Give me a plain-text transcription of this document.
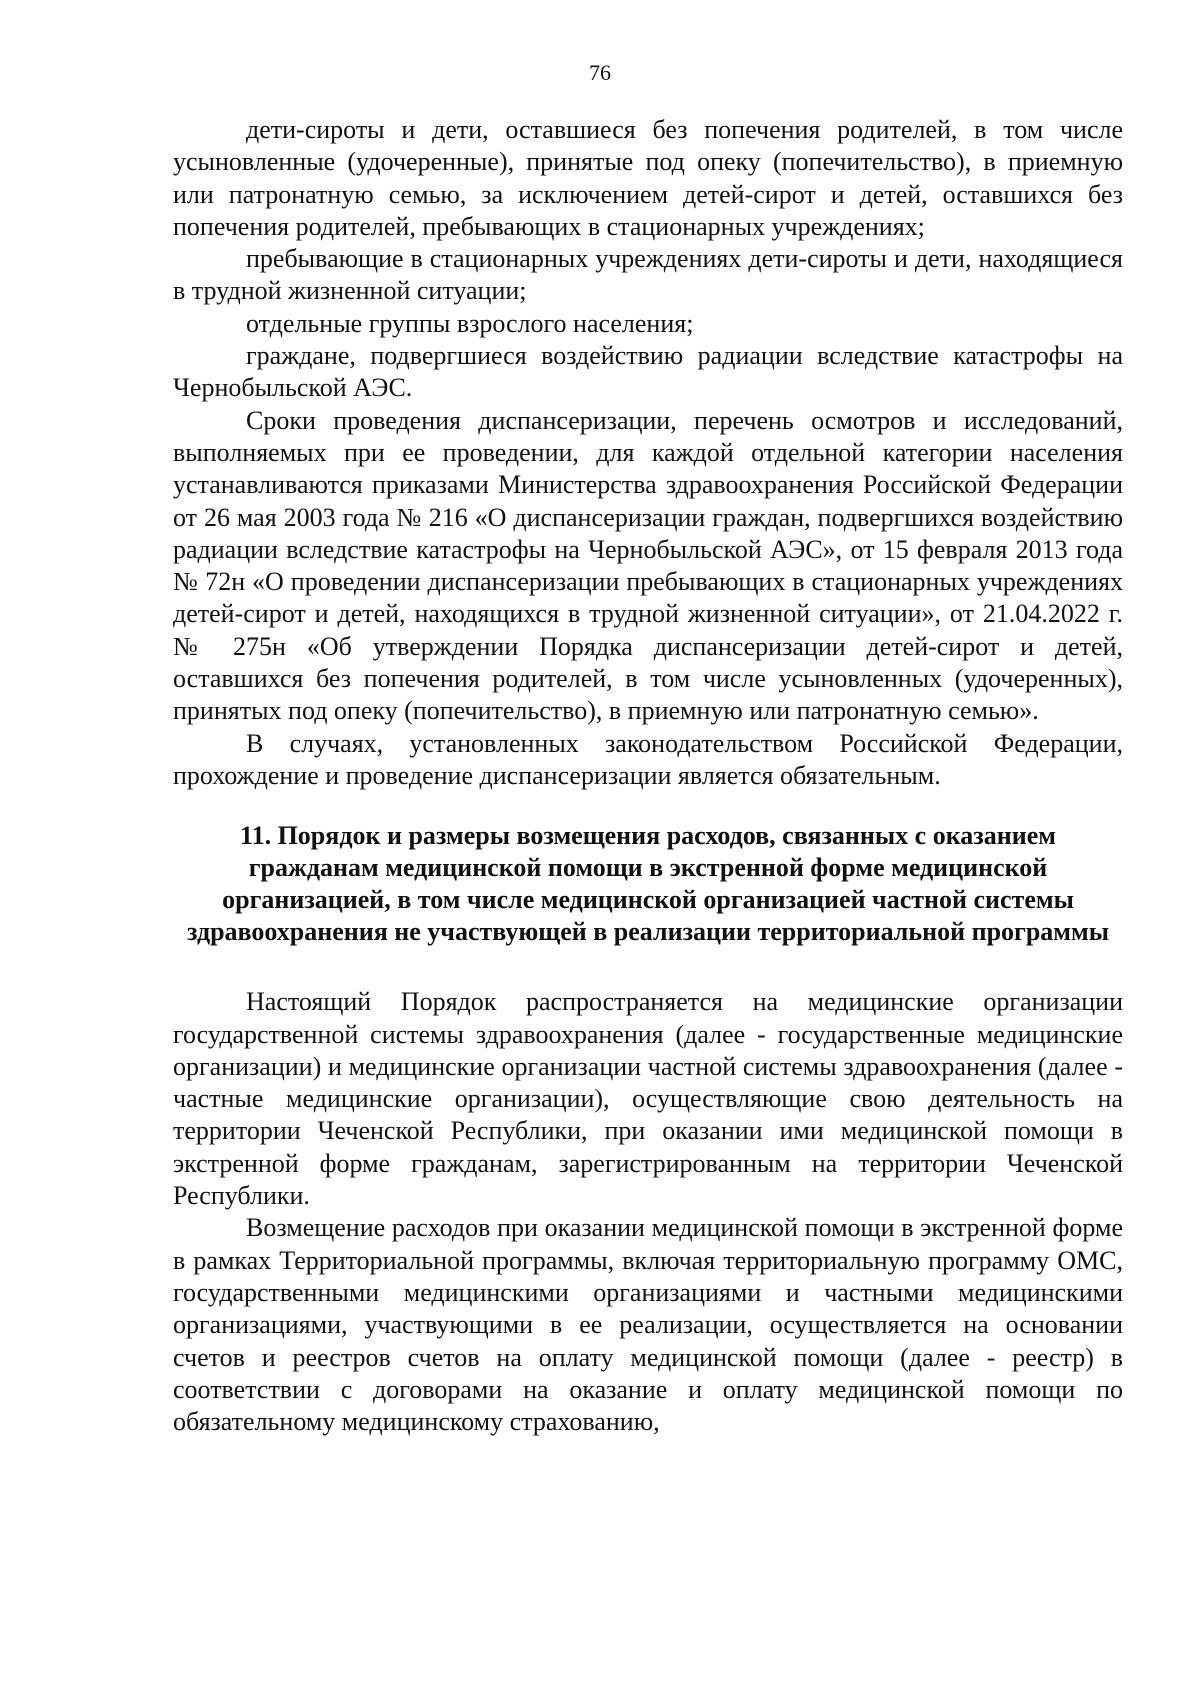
76

дети-сироты и дети, оставшиеся без попечения родителей, в том числе усыновленные (удочеренные), принятые под опеку (попечительство), в приемную или патронатную семью, за исключением детей-сирот и детей, оставшихся без попечения родителей, пребывающих в стационарных учреждениях;

пребывающие в стационарных учреждениях дети-сироты и дети, находящиеся в трудной жизненной ситуации;

отдельные группы взрослого населения;

граждане, подвергшиеся воздействию радиации вследствие катастрофы на Чернобыльской АЭС.

Сроки проведения диспансеризации, перечень осмотров и исследований, выполняемых при ее проведении, для каждой отдельной категории населения устанавливаются приказами Министерства здравоохранения Российской Федерации от 26 мая 2003 года № 216 «О диспансеризации граждан, подвергшихся воздействию радиации вследствие катастрофы на Чернобыльской АЭС», от 15 февраля 2013 года № 72н «О проведении диспансеризации пребывающих в стационарных учреждениях детей-сирот и детей, находящихся в трудной жизненной ситуации», от 21.04.2022 г. № 275н «Об утверждении Порядка диспансеризации детей-сирот и детей, оставшихся без попечения родителей, в том числе усыновленных (удочеренных), принятых под опеку (попечительство), в приемную или патронатную семью».

В случаях, установленных законодательством Российской Федерации, прохождение и проведение диспансеризации является обязательным.

11. Порядок и размеры возмещения расходов, связанных с оказанием гражданам медицинской помощи в экстренной форме медицинской организацией, в том числе медицинской организацией частной системы здравоохранения не участвующей в реализации территориальной программы

Настоящий Порядок распространяется на медицинские организации государственной системы здравоохранения (далее - государственные медицинские организации) и медицинские организации частной системы здравоохранения (далее - частные медицинские организации), осуществляющие свою деятельность на территории Чеченской Республики, при оказании ими медицинской помощи в экстренной форме гражданам, зарегистрированным на территории Чеченской Республики.

Возмещение расходов при оказании медицинской помощи в экстренной форме в рамках Территориальной программы, включая территориальную программу ОМС, государственными медицинскими организациями и частными медицинскими организациями, участвующими в ее реализации, осуществляется на основании счетов и реестров счетов на оплату медицинской помощи (далее - реестр) в соответствии с договорами на оказание и оплату медицинской помощи по обязательному медицинскому страхованию,
